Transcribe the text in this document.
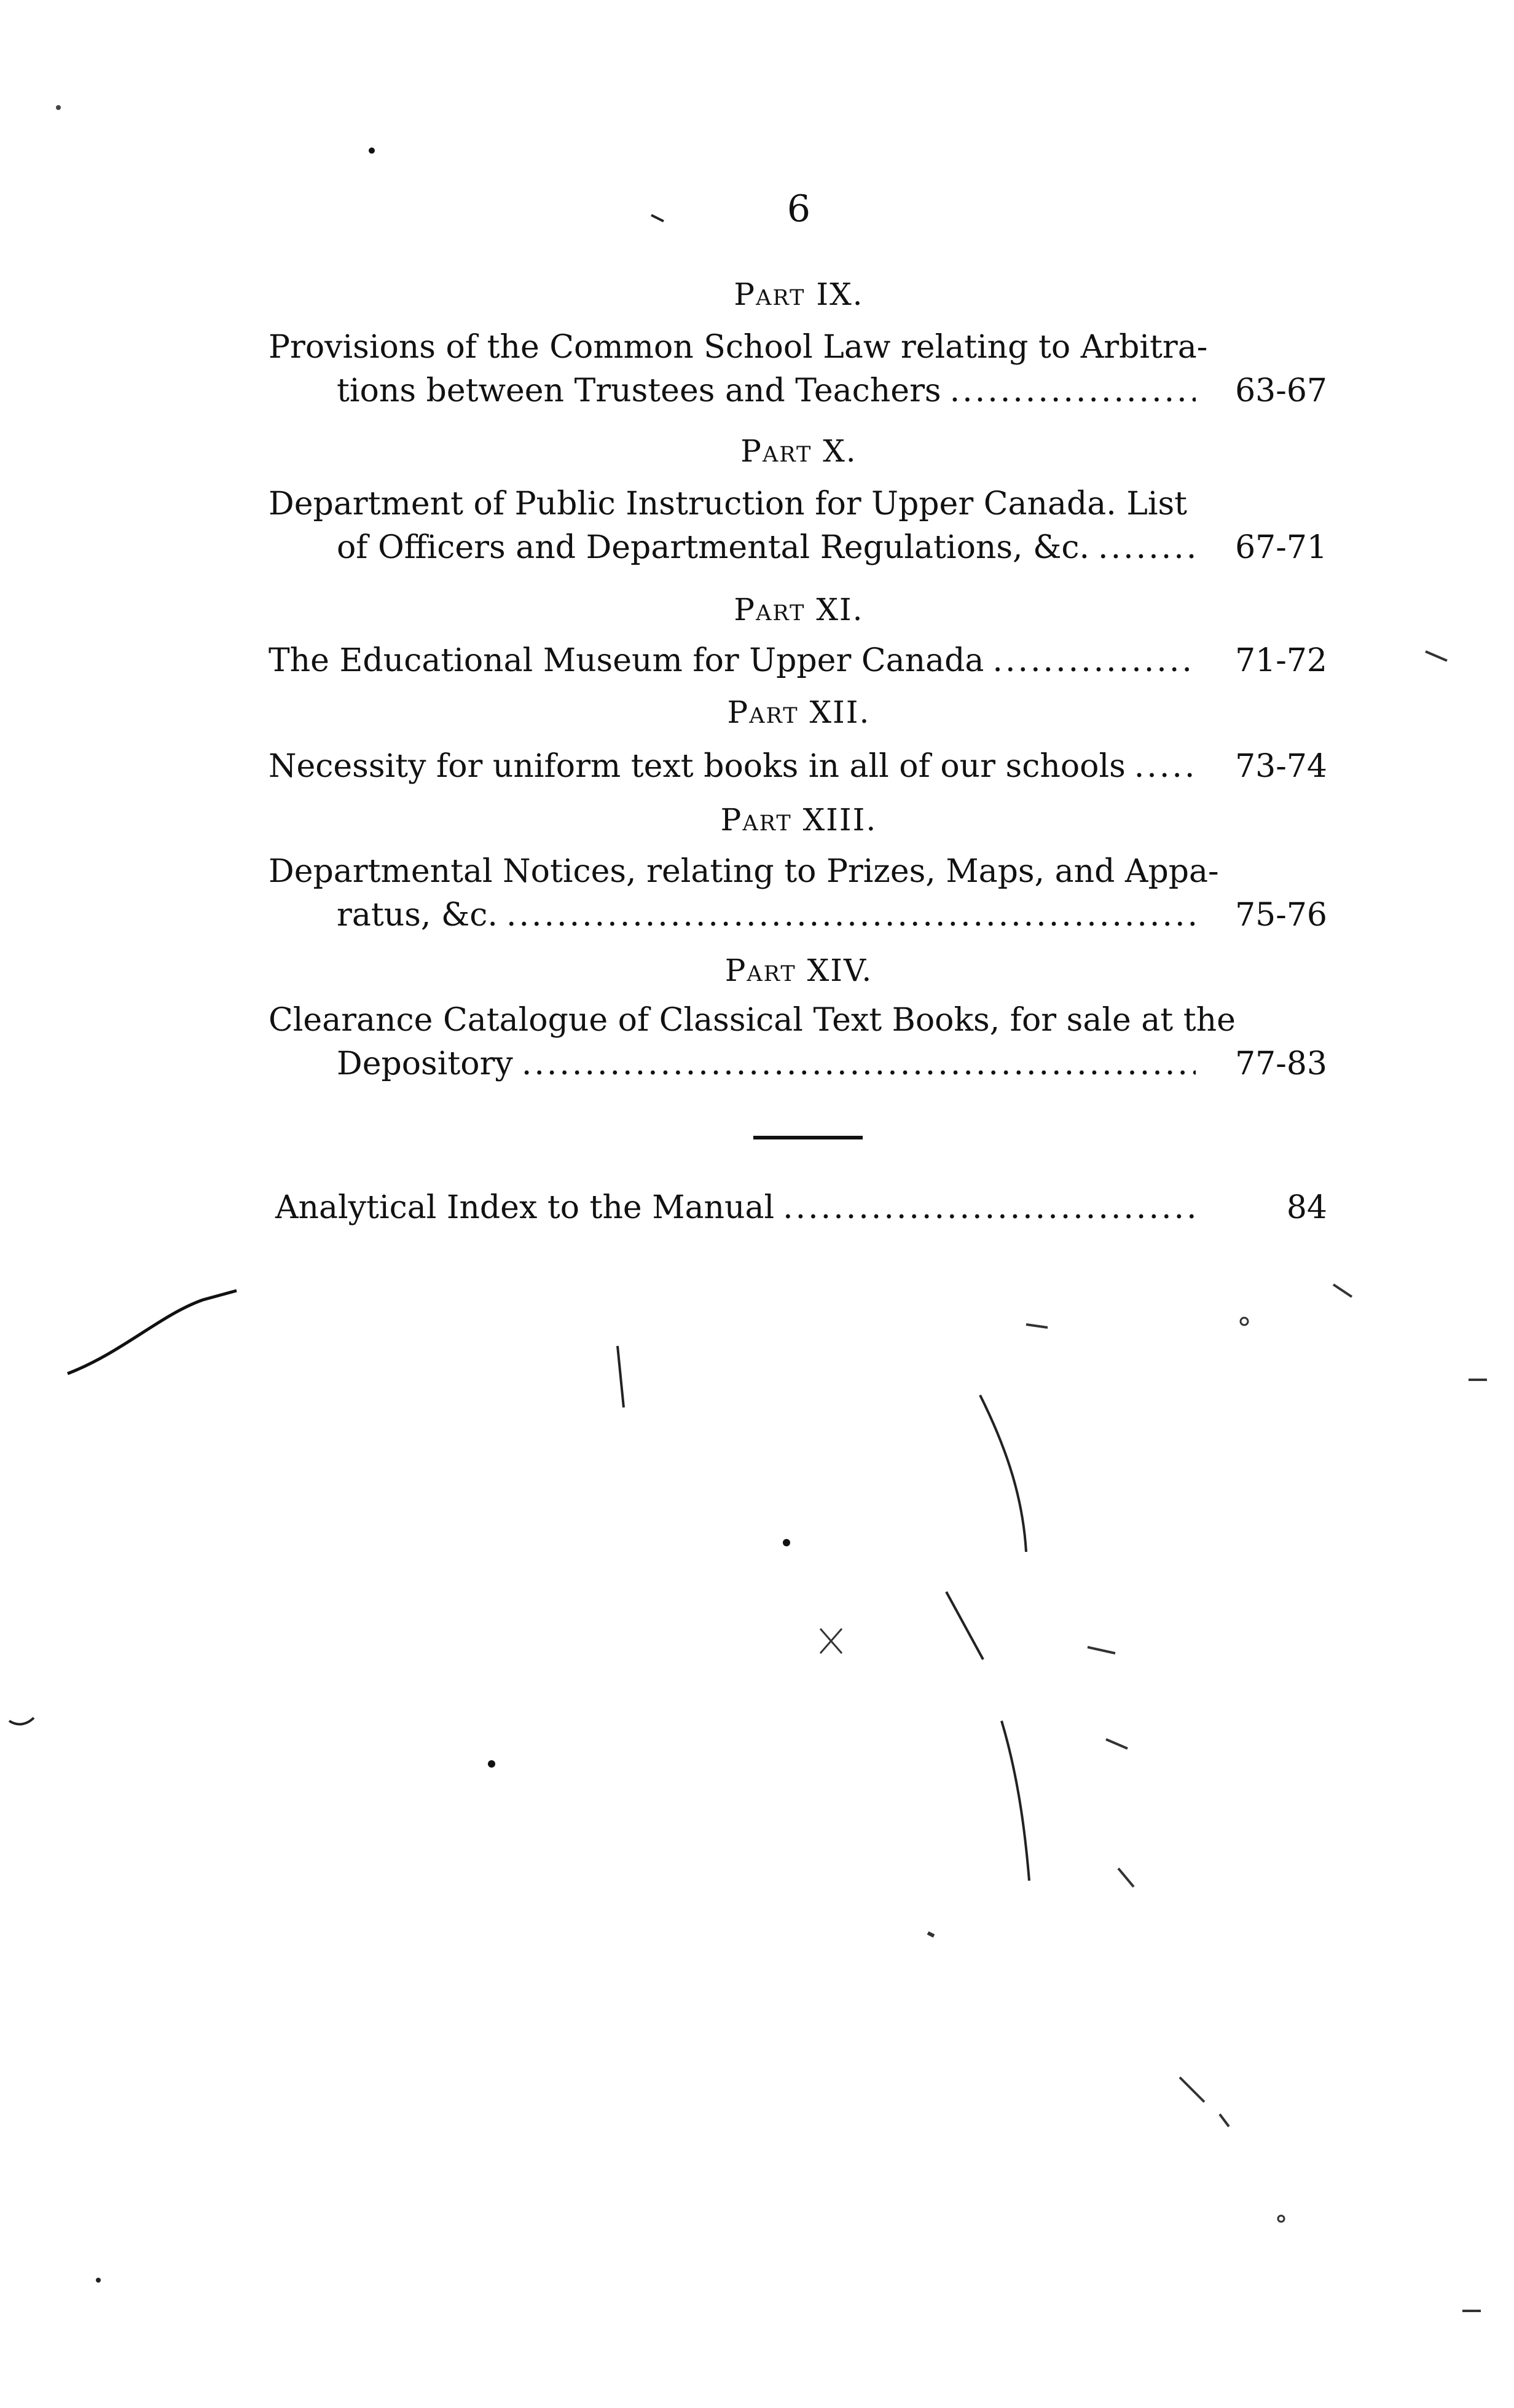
6
Part IX.
Provisions of the Common School Law relating to Arbitra-
tions between Trustees and Teachers .....	63-67
Part X.
Department of Public Instruction for Upper Canada. List
of Officers and Departmental Regulations, &c. .....	67-71
Part XI.
The Educational Museum for Upper Canada .....	71-72
Part XII.
Necessity for uniform text books in all of our schools .....	73-74
Part XIII.
Departmental Notices, relating to Prizes, Maps, and Appa-
ratus, &c. .....	75-76
Part XIV.
Clearance Catalogue of Classical Text Books, for sale at the
Depository .....	77-83
Analytical Index to the Manual .....	84
